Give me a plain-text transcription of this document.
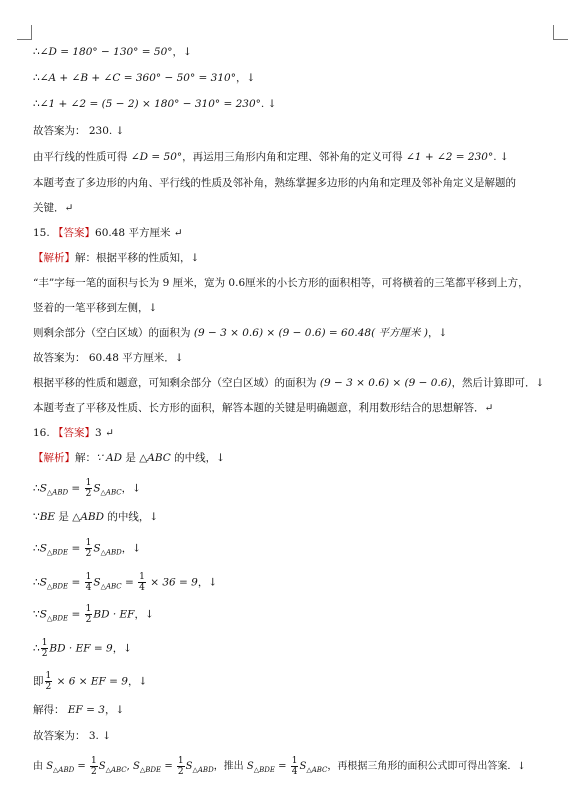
∴∠D = 180° − 130° = 50°，↓
∴∠A + ∠B + ∠C = 360° − 50° = 310°，↓
∴∠1 + ∠2 = (5 − 2) × 180° − 310° = 230°. ↓
故答案为： 230. ↓
由平行线的性质可得 ∠D = 50°，再运用三角形内角和定理、邻补角的定义可得 ∠1 + ∠2 = 230°. ↓
本题考查了多边形的内角、平行线的性质及邻补角，熟练掌握多边形的内角和定理及邻补角定义是解题的
关键．↵
15. 【答案】60.48 平方厘米 ↵
【解析】解：根据平移的性质知，↓
“丰”字每一笔的面积与长为 9 厘米，宽为 0.6厘米的小长方形的面积相等，可将横着的三笔都平移到上方，
竖着的一笔平移到左侧，↓
则剩余部分（空白区域）的面积为 (9 − 3 × 0.6) × (9 − 0.6) = 60.48( 平方厘米 )，↓
故答案为： 60.48 平方厘米．↓
根据平移的性质和题意，可知剩余部分（空白区域）的面积为 (9 − 3 × 0.6) × (9 − 0.6)，然后计算即可．↓
本题考查了平移及性质、长方形的面积，解答本题的关键是明确题意，利用数形结合的思想解答．↵
16. 【答案】3 ↵
【解析】解：∵ AD 是 △ABC 的中线，↓
$\therefore S_{\triangle ABD} = \frac{1}{2} S_{\triangle ABC}$，↓
∵BE 是 △ABD 的中线，↓
$\therefore S_{\triangle BDE} = \frac{1}{2} S_{\triangle ABD}$，↓
$\therefore S_{\triangle BDE} = \frac{1}{4} S_{\triangle ABC} = \frac{1}{4} \times 36 = 9$，↓
$\because S_{\triangle BDE} = \frac{1}{2}$ BD · EF，↓
∴ $\frac{1}{2}$ BD · EF = 9，↓
即 $\frac{1}{2} \times 6$ × EF = 9，↓
解得： EF = 3，↓
故答案为： 3. ↓
由 $S_{\triangle ABD} = \frac{1}{2} S_{\triangle ABC}$, $S_{\triangle BDE} = \frac{1}{2} S_{\triangle ABD}$，推出 $S_{\triangle BDE} = \frac{1}{4} S_{\triangle ABC}$，再根据三角形的面积公式即可得出答案．↓
